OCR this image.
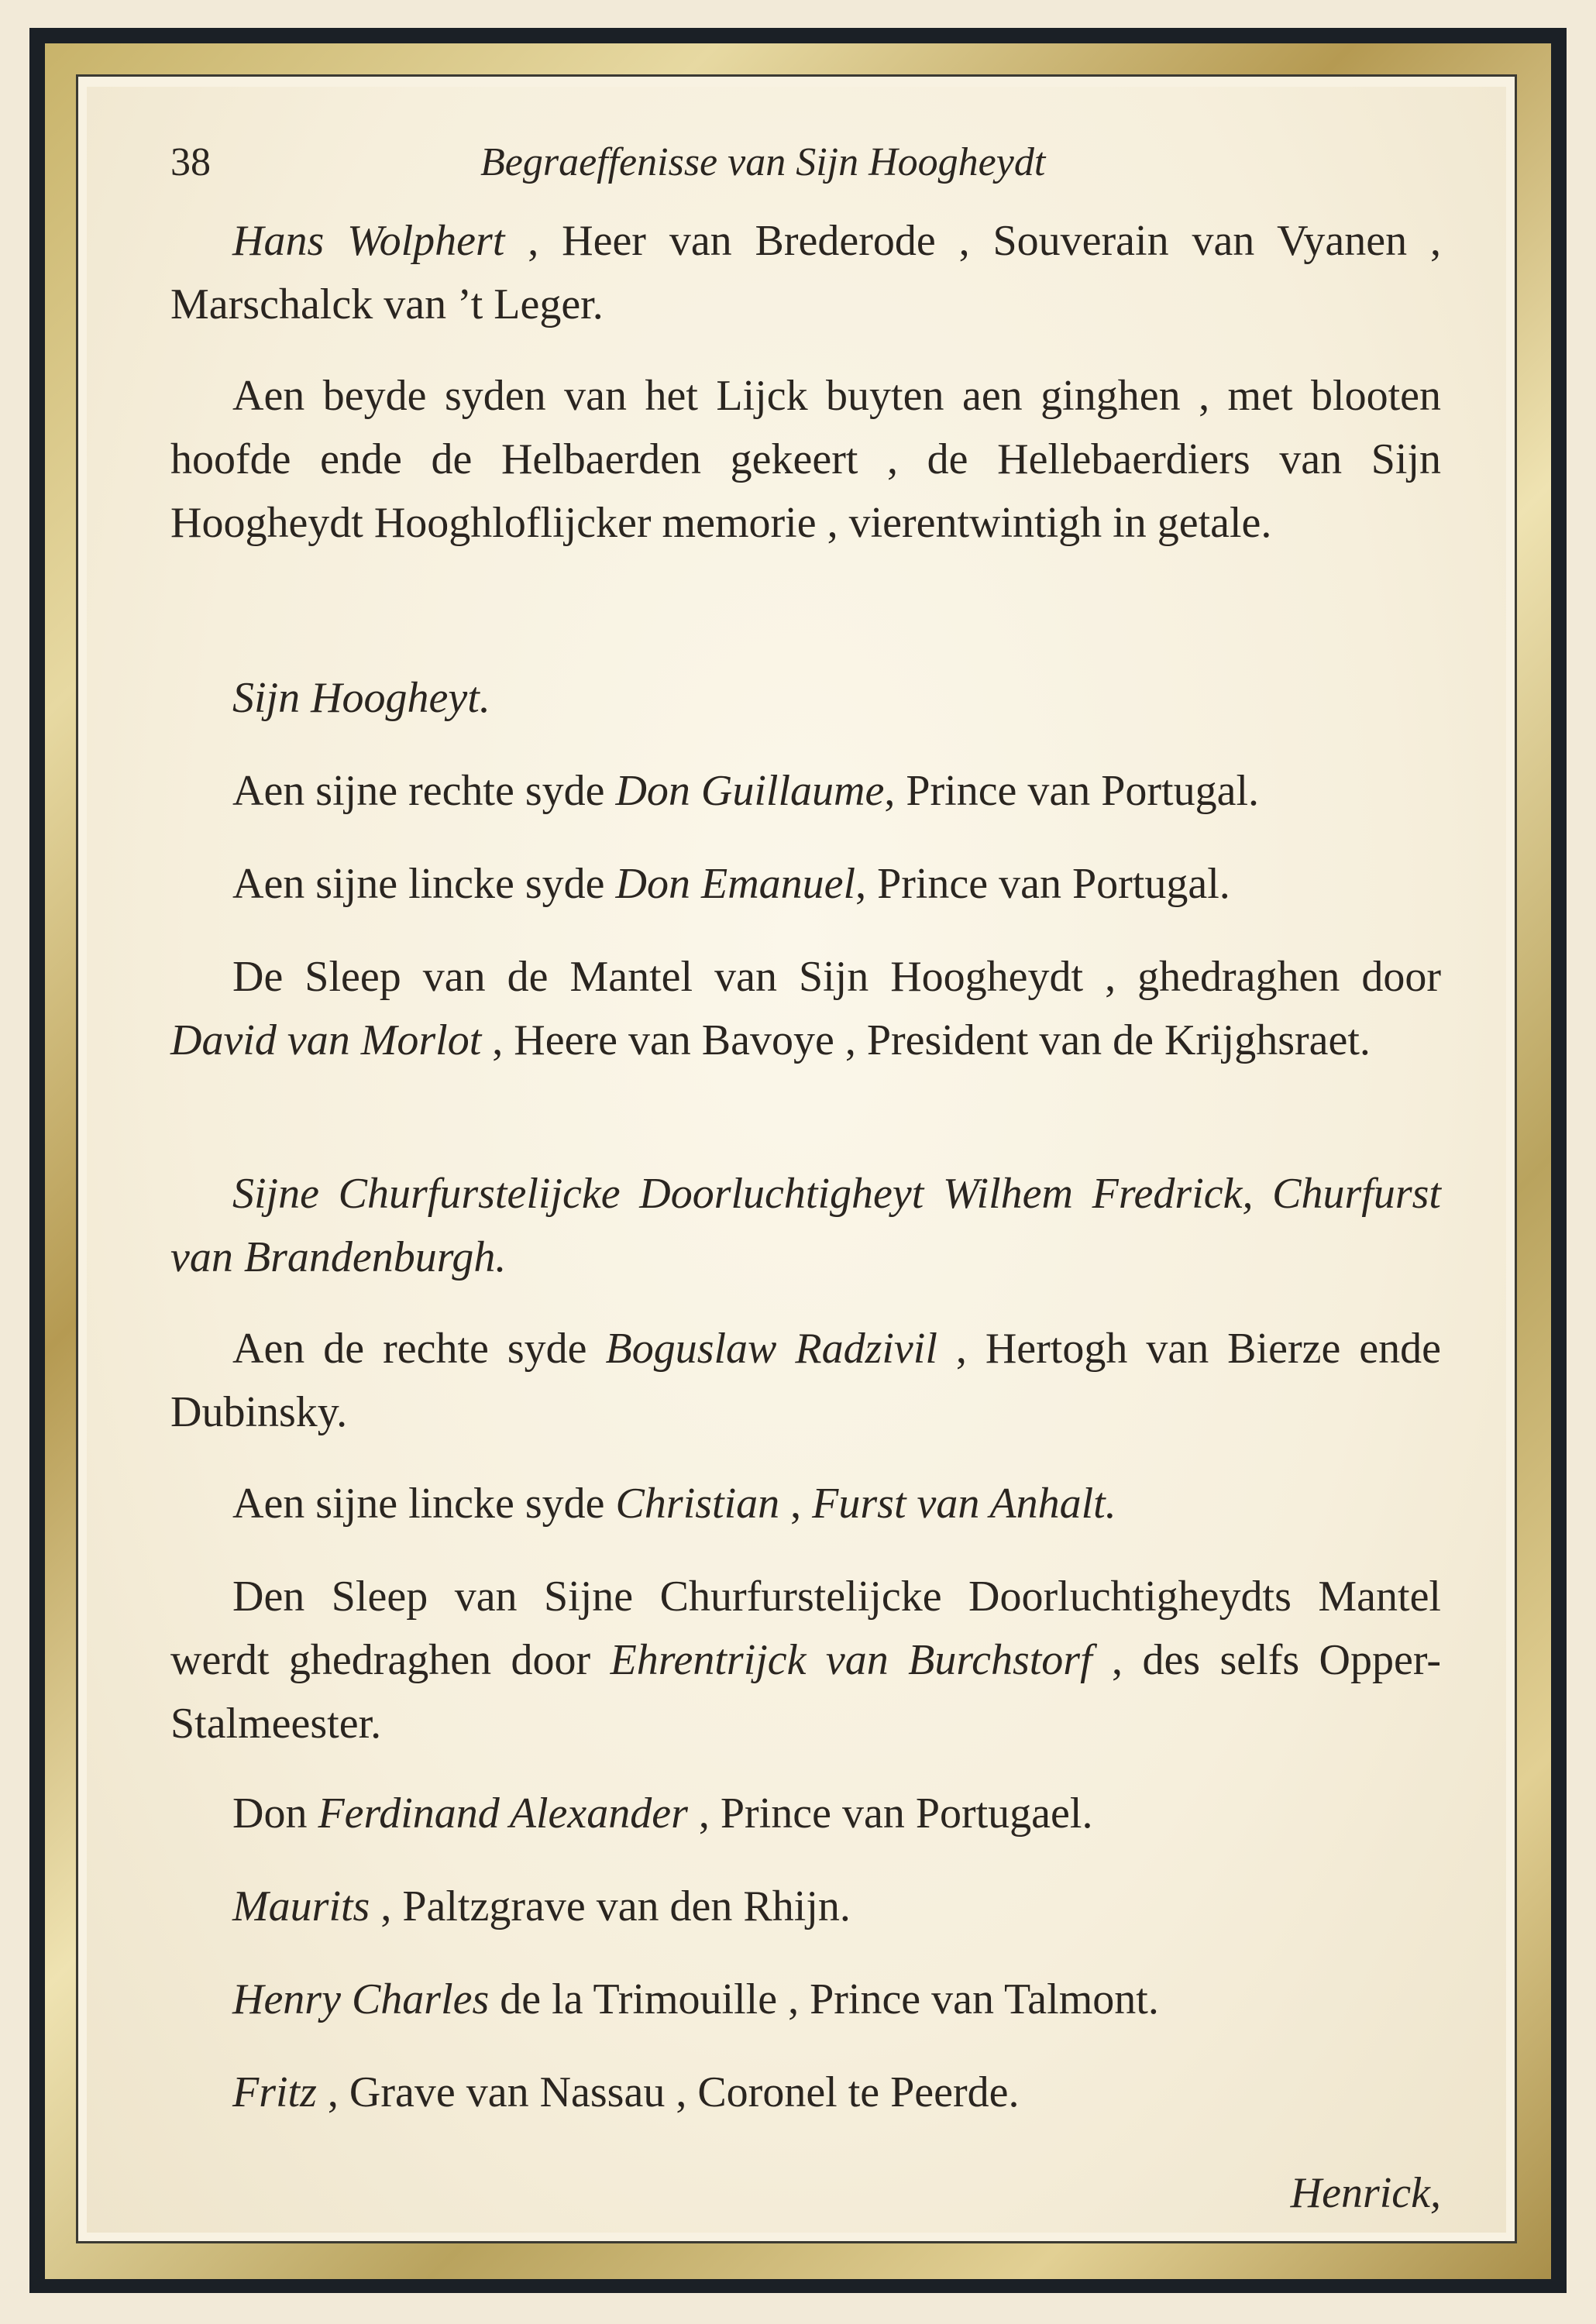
38	Begraeffenisse van Sijn Hoogheydt
Hans Wolphert , Heer van Brederode , Souverain van Vyanen , Marschalck van ’t Leger.
Aen beyde syden van het Lijck buyten aen ginghen , met blooten hoofde ende de Helbaerden gekeert , de Hellebaerdiers van Sijn Hoogheydt Hooghloflijcker memorie , vierentwintigh in getale.
Sijn Hoogheyt.
Aen sijne rechte syde Don Guillaume, Prince van Portugal.
Aen sijne lincke syde Don Emanuel, Prince van Portugal.
De Sleep van de Mantel van Sijn Hoogheydt , ghedraghen door David van Morlot , Heere van Bavoye , President van de Krijghsraet.
Sijne Churfurstelijcke Doorluchtigheyt Wilhem Fredrick, Churfurst van Brandenburgh.
Aen de rechte syde Boguslaw Radzivil , Hertogh van Bierze ende Dubinsky.
Aen sijne lincke syde Christian , Furst van Anhalt.
Den Sleep van Sijne Churfurstelijcke Doorluchtigheydts Mantel werdt ghedraghen door Ehrentrijck van Burchstorf , des selfs Opper-Stalmeester.
Don Ferdinand Alexander , Prince van Portugael.
Maurits , Paltzgrave van den Rhijn.
Henry Charles de la Trimouille , Prince van Talmont.
Fritz , Grave van Nassau , Coronel te Peerde.
Henrick,
